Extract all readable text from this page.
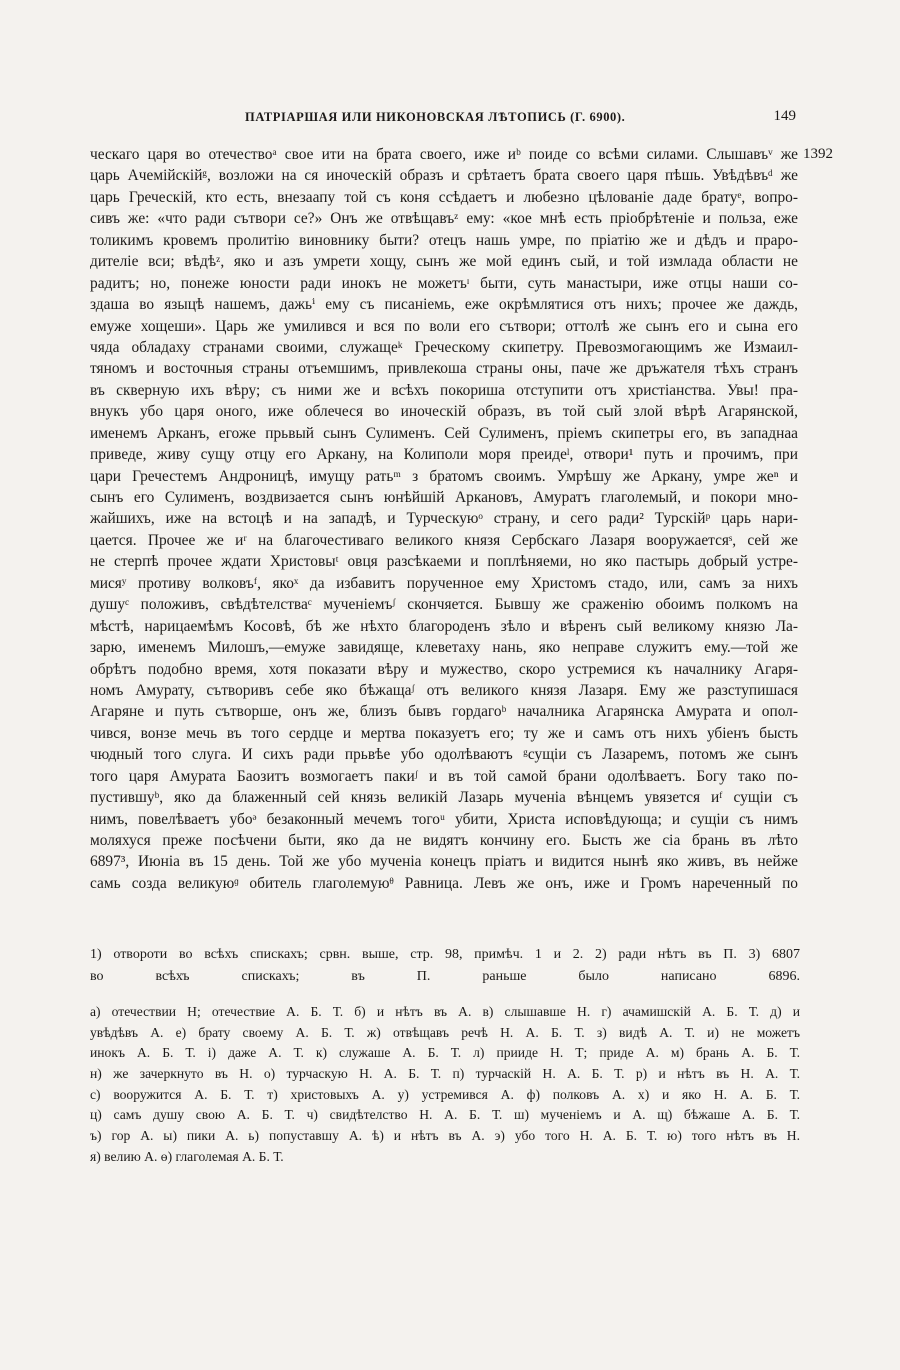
ПАТРІАРШАЯ ИЛИ НИКОНОВСКАЯ ЛѢТОПИСЬ (Г. 6900).	149
1392
ческаго царя во отечествоᵃ свое ити на брата своего, иже иᵇ поиде со всѣми силами. Слышавъᵛ же
царь Ачемійскійᵍ, возложи на ся иноческій образъ и срѣтаетъ брата своего царя пѣшь. Увѣдѣвъᵈ же
царь Греческій, кто есть, внезаапу той съ коня ссѣдаетъ и любезно цѣлованіе даде братуᵉ, вопро-
сивъ же: «что ради сътвори се?» Онъ же отвѣщавъᶻ ему: «кое мнѣ есть пріобрѣтеніе и польза, еже
толикимъ кровемъ пролитію виновнику быти? отецъ нашь умре, по пріатію же и дѣдъ и праро-
дителіе вси; вѣдѣᶻ, яко и азъ умрети хощу, сынъ же мой единъ сый, и той измлада области не
радитъ; но, понеже юности ради инокъ не можетъᶦ быти, суть манастыри, иже отцы наши со-
здаша во языцѣ нашемъ, дажьⁱ ему съ писаніемь, еже окрѣмлятися отъ нихъ; прочее же даждь,
емуже хощеши». Царь же умилився и вся по воли его сътвори; оттолѣ же сынъ его и сына его
чяда обладаху странами своими, служащеᵏ Греческому скипетру. Превозмогающимъ же Измаил-
тяномъ и восточныя страны отъемшимъ, привлекоша страны оны, паче же дръжателя тѣхъ странъ
въ скверную ихъ вѣру; съ ними же и всѣхъ покориша отступити отъ христіанства. Увы! пра-
внукъ убо царя оного, иже облечеся во иноческій образъ, въ той сый злой вѣрѣ Агарянской,
именемъ Арканъ, егоже прьвый сынъ Сулименъ. Сей Сулименъ, пріемъ скипетры его, въ западнаа
приведе, живу сущу отцу его Аркану, на Колиполи моря преидеˡ, отвори¹ путь и прочимъ, при
цари Гречестемъ Андроницѣ, имущу ратьᵐ з братомъ своимъ. Умрѣшу же Аркану, умре жеⁿ и
сынъ его Сулименъ, воздвизается сынъ юнѣйшій Аркановъ, Амуратъ глаголемый, и покори мно-
жайшихъ, иже на встоцѣ и на западѣ, и Турческуюᵒ страну, и сего ради² Турскійᵖ царь нари-
цается. Прочее же иʳ на благочестиваго великого князя Сербскаго Лазаря вооружаетсяˢ, сей же
не стерпѣ прочее ждати Христовыᵗ овця разсѣкаеми и поплѣняеми, но яко пастырь добрый устре-
мисяʸ противу волковъᶠ, якоˣ да избавитъ порученное ему Христомъ стадо, или, самъ за нихъ
душуᶜ положивъ, свѣдѣтелстваᶜ мученіемъᶴ скончяется. Бывшу же сраженію обоимъ полкомъ на
мѣстѣ, нарицаемѣмъ Косовѣ, бѣ же нѣхто благороденъ зѣло и вѣренъ сый великому князю Ла-
зарю, именемъ Милошъ,—емуже завидяще, клеветаху нань, яко неправе служитъ ему.—той же
обрѣтъ подобно время, хотя показати вѣру и мужество, скоро устремися къ началнику Агаря-
номъ Амурату, сътворивъ себе яко бѣжащаᶴ отъ великого князя Лазаря. Ему же разступишася
Агаряне и путь сътворше, онъ же, близъ бывъ гордагоᵇ началника Агарянска Амурата и опол-
чився, вонзе мечь въ того сердце и мертва показуетъ его; ту же и самъ отъ нихъ убіенъ бысть
чюдный того слуга. И сихъ ради прьвѣе убо одолѣваютъ ᵍсущіи съ Лазаремъ, потомъ же сынъ
того царя Амурата Баозитъ возмогаетъ пакиᶴ и въ той самой брани одолѣваетъ. Богу тако по-
пустившуᵇ, яко да блаженный сей князь великій Лазарь мученіа вѣнцемъ увязется иᶠ сущіи съ
нимъ, повелѣваетъ убоᵊ безаконный мечемъ тогоᵘ убити, Христа исповѣдующа; и сущіи съ нимъ
моляхуся преже посѣчени быти, яко да не видятъ кончину его. Бысть же сіа брань въ лѣто
6897³, Июніа въ 15 день. Той же убо мученіа конецъ пріатъ и видится нынѣ яко живъ, въ нейже
самь созда великуюᶢ обитель глаголемуюᶿ Равница. Левъ же онъ, иже и Громъ нареченный по
1) отвороти во всѣхъ спискахъ; срвн. выше, стр. 98, примѣч. 1 и 2. 2) ради нѣтъ въ П. 3) 6807
во всѣхъ спискахъ; въ П. раньше было написано 6896.
а) отечествии Н; отечествие А. Б. Т. б) и нѣтъ въ А. в) слышавше Н. г) ачамишскій А. Б. Т. д) и
увѣдѣвъ А. е) брату своему А. Б. Т. ж) отвѣщавъ речѣ Н. А. Б. Т. з) видѣ А. Т. и) не можетъ
инокъ А. Б. Т. і) даже А. Т. к) служаше А. Б. Т. л) прииде Н. Т; приде А. м) брань А. Б. Т.
н) же зачеркнуто въ Н. о) турчаскую Н. А. Б. Т. п) турчаскій Н. А. Б. Т. р) и нѣтъ въ Н. А. Т.
с) вооружится А. Б. Т. т) христовыхъ А. у) устремився А. ф) полковъ А. х) и яко Н. А. Б. Т.
ц) самъ душу свою А. Б. Т. ч) свидѣтелство Н. А. Б. Т. ш) мученіемъ и А. щ) бѣжаше А. Б. Т.
ъ) гор А. ы) пики А. ь) попуставшу А. ѣ) и нѣтъ въ А. э) убо того Н. А. Б. Т. ю) того нѣтъ въ Н.
я) велию А. ѳ) глаголемая А. Б. Т.
